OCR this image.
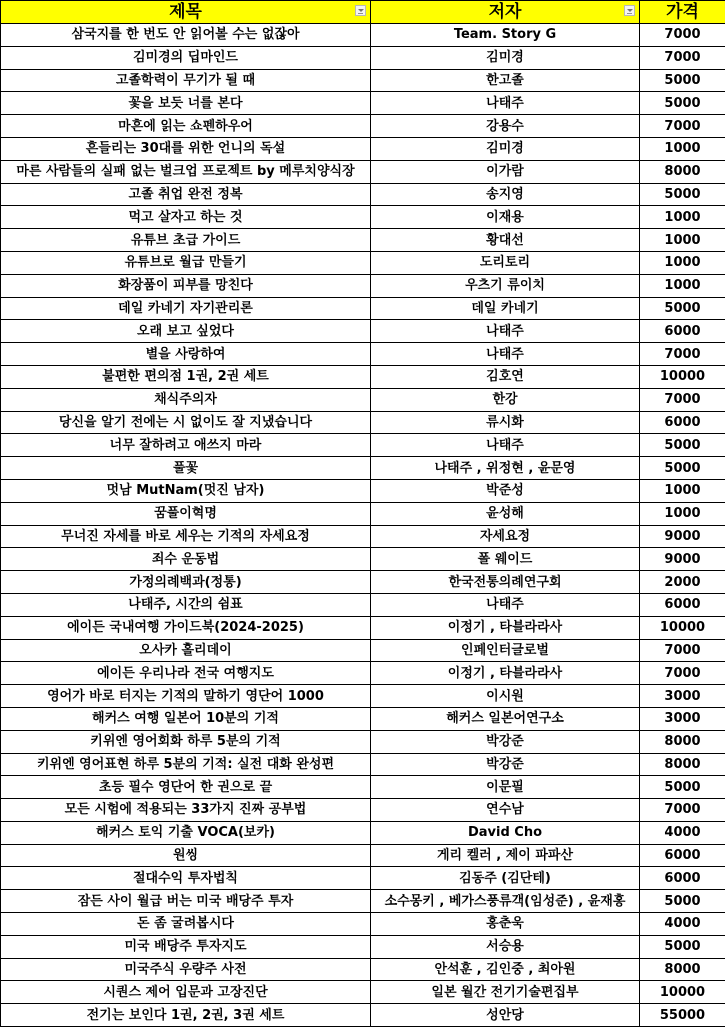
제목	저자	가격
삼국지를 한 번도 안 읽어볼 수는 없잖아	Team. Story G	7000
김미경의 딥마인드	김미경	7000
고졸학력이 무기가 될 때	한고졸	5000
꽃을 보듯 너를 본다	나태주	5000
마흔에 읽는 쇼펜하우어	강용수	7000
흔들리는 30대를 위한 언니의 독설	김미경	1000
마른 사람들의 실패 없는 벌크업 프로젝트 by 메루치양식장	이가람	8000
고졸 취업 완전 정복	송지영	5000
먹고 살자고 하는 것	이재용	1000
유튜브 초급 가이드	황대선	1000
유튜브로 월급 만들기	도리토리	1000
화장품이 피부를 망친다	우츠기 류이치	1000
데일 카네기 자기관리론	데일 카네기	5000
오래 보고 싶었다	나태주	6000
별을 사랑하여	나태주	7000
불편한 편의점 1권, 2권 세트	김호연	10000
채식주의자	한강	7000
당신을 알기 전에는 시 없이도 잘 지냈습니다	류시화	6000
너무 잘하려고 애쓰지 마라	나태주	5000
풀꽃	나태주 , 위정현 , 윤문영	5000
멋남 MutNam(멋진 남자)	박준성	1000
꿈풀이혁명	윤성해	1000
무너진 자세를 바로 세우는 기적의 자세요정	자세요정	9000
죄수 운동법	폴 웨이드	9000
가정의례백과(정통)	한국전통의례연구회	2000
나태주, 시간의 쉼표	나태주	6000
에이든 국내여행 가이드북(2024-2025)	이정기 , 타블라라사	10000
오사카 홀리데이	인페인터글로벌	7000
에이든 우리나라 전국 여행지도	이정기 , 타블라라사	7000
영어가 바로 터지는 기적의 말하기 영단어 1000	이시원	3000
해커스 여행 일본어 10분의 기적	해커스 일본어연구소	3000
키위엔 영어회화 하루 5분의 기적	박강준	8000
키위엔 영어표현 하루 5분의 기적: 실전 대화 완성편	박강준	8000
초등 필수 영단어 한 권으로 끝	이문필	5000
모든 시험에 적용되는 33가지 진짜 공부법	연수남	7000
해커스 토익 기출 VOCA(보카)	David Cho	4000
원씽	게리 켈러 , 제이 파파산	6000
절대수익 투자법칙	김동주 (김단테)	6000
잠든 사이 월급 버는 미국 배당주 투자	소수몽키 , 베가스풍류객(임성준) , 윤재홍	5000
돈 좀 굴려봅시다	홍춘욱	4000
미국 배당주 투자지도	서승용	5000
미국주식 우량주 사전	안석훈 , 김인중 , 최아원	8000
시퀀스 제어 입문과 고장진단	일본 월간 전기기술편집부	10000
전기는 보인다 1권, 2권, 3권 세트	성안당	55000
